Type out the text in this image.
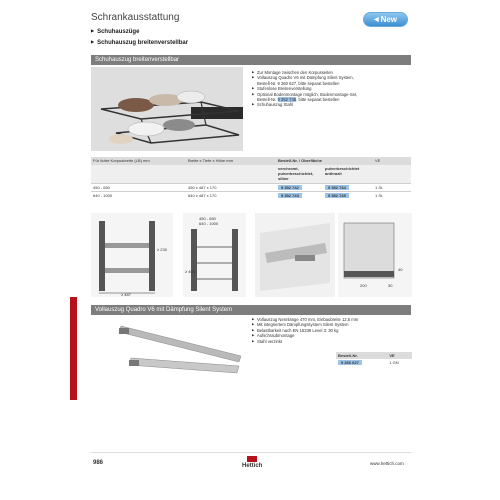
Schrankausstattung
▶ Schuhauszüge
▶ Schuhauszug breitenverstellbar
◀ New
Schuhauszug breitenverstellbar
▶ Zur Montage zwischen den Korpusseiten
▶ Vollauszug Quadro V6 mit Dämpfung Silent System,
Bestell-Nr. 9 260 627, bitte separat bestellen
▶ Stufenlose Breitenverstellung
▶ Optional Bodenmontage möglich, Bodenmontage-Set,
Bestell-Nr. 9 352 745, bitte separat bestellen
▶ Schuhauszug Stahl
Für lichte Korpusbreite (LB) mm	Breite x Tiefe x Höhe mm	Bestell-Nr. / Oberfläche		VE
		verchromt, pulverbeschichtet, silber	pulverbeschichtet anthrazit	
450 - 650	450 x 487 x 170	9 352 742	9 352 744	1 St.
640 - 1000	640 x 487 x 170	9 352 743	9 352 745	1 St.
≥ 487
≥ 230
450 - 650
640 - 1000
≥ 400
200	30
40
Vollauszug Quadro V6 mit Dämpfung Silent System
▶ Vollauszug Nennlänge 470 mm, Einbaubreite 12,5 mm
▶ Mit integriertem Dämpfungssystem Silent System
▶ Belastbarkeit nach EN 15338 Level 3: 30 kg
▶ Aufschraubmontage
▶ Stahl verzinkt
Bestell-Nr.	VE
9 260 627	1 GN
986	Hettich	www.hettich.com
